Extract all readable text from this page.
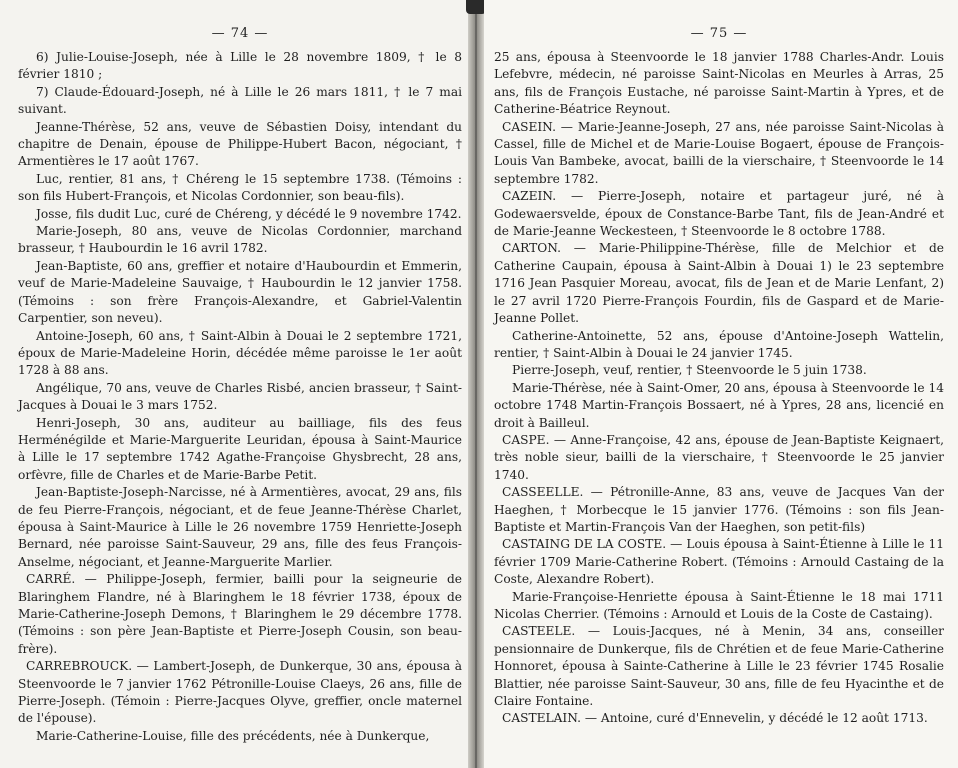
— 74 —

6) Julie-Louise-Joseph, née à Lille le 28 novembre 1809, † le 8 février 1810 ;

7) Claude-Édouard-Joseph, né à Lille le 26 mars 1811, † le 7 mai suivant.

Jeanne-Thérèse, 52 ans, veuve de Sébastien Doisy, intendant du chapitre de Denain, épouse de Philippe-Hubert Bacon, négociant, † Armentières le 17 août 1767.

Luc, rentier, 81 ans, † Chéreng le 15 septembre 1738. (Témoins : son fils Hubert-François, et Nicolas Cordonnier, son beau-fils).

Josse, fils dudit Luc, curé de Chéreng, y décédé le 9 novembre 1742.

Marie-Joseph, 80 ans, veuve de Nicolas Cordonnier, marchand brasseur, † Haubourdin le 16 avril 1782.

Jean-Baptiste, 60 ans, greffier et notaire d'Haubourdin et Emmerin, veuf de Marie-Madeleine Sauvaige, † Haubourdin le 12 janvier 1758. (Témoins : son frère François-Alexandre, et Gabriel-Valentin Carpentier, son neveu).

Antoine-Joseph, 60 ans, † Saint-Albin à Douai le 2 septembre 1721, époux de Marie-Madeleine Horin, décédée même paroisse le 1er août 1728 à 88 ans.

Angélique, 70 ans, veuve de Charles Risbé, ancien brasseur, † Saint-Jacques à Douai le 3 mars 1752.

Henri-Joseph, 30 ans, auditeur au bailliage, fils des feus Herménégilde et Marie-Marguerite Leuridan, épousa à Saint-Maurice à Lille le 17 septembre 1742 Agathe-Françoise Ghysbrecht, 28 ans, orfèvre, fille de Charles et de Marie-Barbe Petit.

Jean-Baptiste-Joseph-Narcisse, né à Armentières, avocat, 29 ans, fils de feu Pierre-François, négociant, et de feue Jeanne-Thérèse Charlet, épousa à Saint-Maurice à Lille le 26 novembre 1759 Henriette-Joseph Bernard, née paroisse Saint-Sauveur, 29 ans, fille des feus François-Anselme, négociant, et Jeanne-Marguerite Marlier.

CARRÉ. — Philippe-Joseph, fermier, bailli pour la seigneurie de Blaringhem Flandre, né à Blaringhem le 18 février 1738, époux de Marie-Catherine-Joseph Demons, † Blaringhem le 29 décembre 1778. (Témoins : son père Jean-Baptiste et Pierre-Joseph Cousin, son beau-frère).

CARREBROUCK. — Lambert-Joseph, de Dunkerque, 30 ans, épousa à Steenvoorde le 7 janvier 1762 Pétronille-Louise Claeys, 26 ans, fille de Pierre-Joseph. (Témoin : Pierre-Jacques Olyve, greffier, oncle maternel de l'épouse).

Marie-Catherine-Louise, fille des précédents, née à Dunkerque,

— 75 —

25 ans, épousa à Steenvoorde le 18 janvier 1788 Charles-Andr. Louis Lefebvre, médecin, né paroisse Saint-Nicolas en Meurles à Arras, 25 ans, fils de François Eustache, né paroisse Saint-Martin à Ypres, et de Catherine-Béatrice Reynout.

CASEIN. — Marie-Jeanne-Joseph, 27 ans, née paroisse Saint-Nicolas à Cassel, fille de Michel et de Marie-Louise Bogaert, épouse de François-Louis Van Bambeke, avocat, bailli de la vierschaire, † Steenvoorde le 14 septembre 1782.

CAZEIN. — Pierre-Joseph, notaire et partageur juré, né à Godewaersvelde, époux de Constance-Barbe Tant, fils de Jean-André et de Marie-Jeanne Weckesteen, † Steenvoorde le 8 octobre 1788.

CARTON. — Marie-Philippine-Thérèse, fille de Melchior et de Catherine Caupain, épousa à Saint-Albin à Douai 1) le 23 septembre 1716 Jean Pasquier Moreau, avocat, fils de Jean et de Marie Lenfant, 2) le 27 avril 1720 Pierre-François Fourdin, fils de Gaspard et de Marie-Jeanne Pollet.

Catherine-Antoinette, 52 ans, épouse d'Antoine-Joseph Wattelin, rentier, † Saint-Albin à Douai le 24 janvier 1745.

Pierre-Joseph, veuf, rentier, † Steenvoorde le 5 juin 1738.

Marie-Thérèse, née à Saint-Omer, 20 ans, épousa à Steenvoorde le 14 octobre 1748 Martin-François Bossaert, né à Ypres, 28 ans, licencié en droit à Bailleul.

CASPE. — Anne-Françoise, 42 ans, épouse de Jean-Baptiste Keignaert, très noble sieur, bailli de la vierschaire, † Steenvoorde le 25 janvier 1740.

CASSEELLE. — Pétronille-Anne, 83 ans, veuve de Jacques Van der Haeghen, † Morbecque le 15 janvier 1776. (Témoins : son fils Jean-Baptiste et Martin-François Van der Haeghen, son petit-fils)

CASTAING DE LA COSTE. — Louis épousa à Saint-Étienne à Lille le 11 février 1709 Marie-Catherine Robert. (Témoins : Arnould Castaing de la Coste, Alexandre Robert).

Marie-Françoise-Henriette épousa à Saint-Étienne le 18 mai 1711 Nicolas Cherrier. (Témoins : Arnould et Louis de la Coste de Castaing).

CASTEELE. — Louis-Jacques, né à Menin, 34 ans, conseiller pensionnaire de Dunkerque, fils de Chrétien et de feue Marie-Catherine Honnoret, épousa à Sainte-Catherine à Lille le 23 février 1745 Rosalie Blattier, née paroisse Saint-Sauveur, 30 ans, fille de feu Hyacinthe et de Claire Fontaine.

CASTELAIN. — Antoine, curé d'Ennevelin, y décédé le 12 août 1713.
